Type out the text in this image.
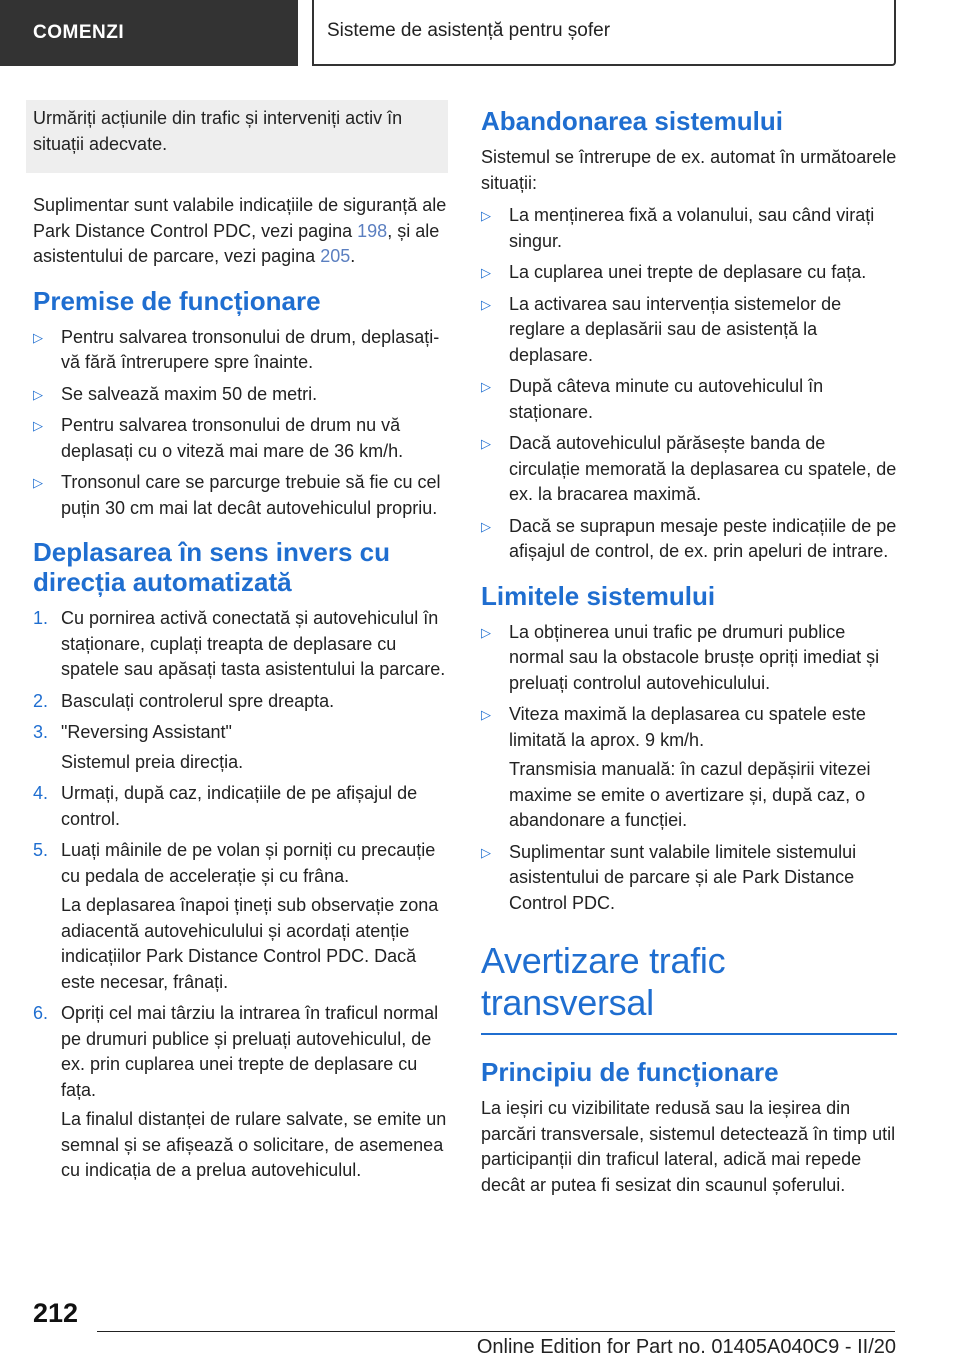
COMENZI	Sisteme de asistență pentru șofer
Urmăriți acțiunile din trafic și interveniți activ în situații adecvate.

Suplimentar sunt valabile indicațiile de siguranță ale Park Distance Control PDC, vezi pagina 198, și ale asistentului de parcare, vezi pagina 205.

Premise de funcționare
▷ Pentru salvarea tronsonului de drum, deplasați-vă fără întrerupere spre înainte.
▷ Se salvează maxim 50 de metri.
▷ Pentru salvarea tronsonului de drum nu vă deplasați cu o viteză mai mare de 36 km/h.
▷ Tronsonul care se parcurge trebuie să fie cu cel puțin 30 cm mai lat decât autovehiculul propriu.
Deplasarea în sens invers cu direcția automatizată
1. Cu pornirea activă conectată și autovehiculul în staționare, cuplați treapta de deplasare cu spatele sau apăsați tasta asistentului la parcare.
2. Basculați controlerul spre dreapta.
3. "Reversing Assistant"
Sistemul preia direcția.
4. Urmați, după caz, indicațiile de pe afișajul de control.
5. Luați mâinile de pe volan și porniți cu precauție cu pedala de accelerație și cu frâna.
La deplasarea înapoi țineți sub observație zona adiacentă autovehiculului și acordați atenție indicațiilor Park Distance Control PDC. Dacă este necesar, frânați.
6. Opriți cel mai târziu la intrarea în traficul normal pe drumuri publice și preluați autovehiculul, de ex. prin cuplarea unei trepte de deplasare cu fața.
La finalul distanței de rulare salvate, se emite un semnal și se afișează o solicitare, de asemenea cu indicația de a prelua autovehiculul.
Abandonarea sistemului

Sistemul se întrerupe de ex. automat în următoarele situații:

▷ La menținerea fixă a volanului, sau când virați singur.
▷ La cuplarea unei trepte de deplasare cu fața.
▷ La activarea sau intervenția sistemelor de reglare a deplasării sau de asistență la deplasare.
▷ După câteva minute cu autovehiculul în staționare.
▷ Dacă autovehiculul părăsește banda de circulație memorată la deplasarea cu spatele, de ex. la bracarea maximă.
▷ Dacă se suprapun mesaje peste indicațiile de pe afișajul de control, de ex. prin apeluri de intrare.
Limitele sistemului
▷ La obținerea unui trafic pe drumuri publice normal sau la obstacole brusțe opriți imediat și preluați controlul autovehiculului.
▷ Viteza maximă la deplasarea cu spatele este limitată la aprox. 9 km/h.
Transmisia manuală: în cazul depășirii vitezei maxime se emite o avertizare și, după caz, o abandonare a funcției.
▷ Suplimentar sunt valabile limitele sistemului asistentului de parcare și ale Park Distance Control PDC.
Avertizare trafic transversal
Principiu de funcționare

La ieșiri cu vizibilitate redusă sau la ieșirea din parcări transversale, sistemul detectează în timp util participanții din traficul lateral, adică mai repede decât ar putea fi sesizat din scaunul șoferului.

212
Online Edition for Part no. 01405A040C9 - II/20
